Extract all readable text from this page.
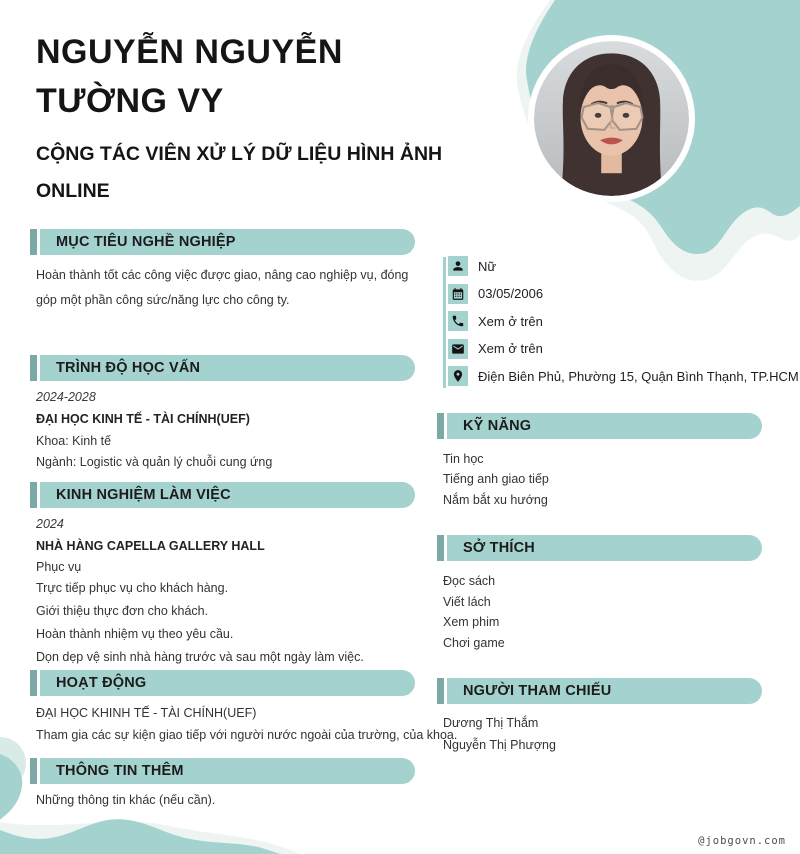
NGUYỄN NGUYỄN
TƯỜNG VY
CỘNG TÁC VIÊN XỬ LÝ DỮ LIỆU HÌNH ẢNH ONLINE
MỤC TIÊU NGHỀ NGHIỆP
Hoàn thành tốt các công việc được giao, nâng cao nghiệp vụ, đóng góp một phần công sức/năng lực cho công ty.
TRÌNH ĐỘ HỌC VẤN
2024-2028
ĐẠI HỌC KINH TẾ - TÀI CHÍNH(UEF)
Khoa: Kinh tế
Ngành: Logistic và quản lý chuỗi cung ứng
KINH NGHIỆM LÀM VIỆC
2024
NHÀ HÀNG CAPELLA GALLERY HALL
Phục vụ
Trực tiếp phục vụ cho khách hàng.
Giới thiệu thực đơn cho khách.
Hoàn thành nhiệm vụ theo yêu cầu.
Dọn dẹp vệ sinh nhà hàng trước và sau một ngày làm việc.
HOẠT ĐỘNG
ĐẠI HỌC KHINH TẾ - TÀI CHÍNH(UEF)
Tham gia các sự kiện giao tiếp với người nước ngoài của trường, của khoa.
THÔNG TIN THÊM
Những thông tin khác (nếu cần).
Nữ
03/05/2006
Xem ở trên
Xem ở trên
Điện Biên Phủ, Phường 15, Quận Bình Thạnh, TP.HCM
KỸ NĂNG
Tin học
Tiếng anh giao tiếp
Nắm bắt xu hướng
SỞ THÍCH
Đọc sách
Viết lách
Xem phim
Chơi game
NGƯỜI THAM CHIẾU
Dương Thị Thắm
Nguyễn Thị Phượng
@jobgovn.com
